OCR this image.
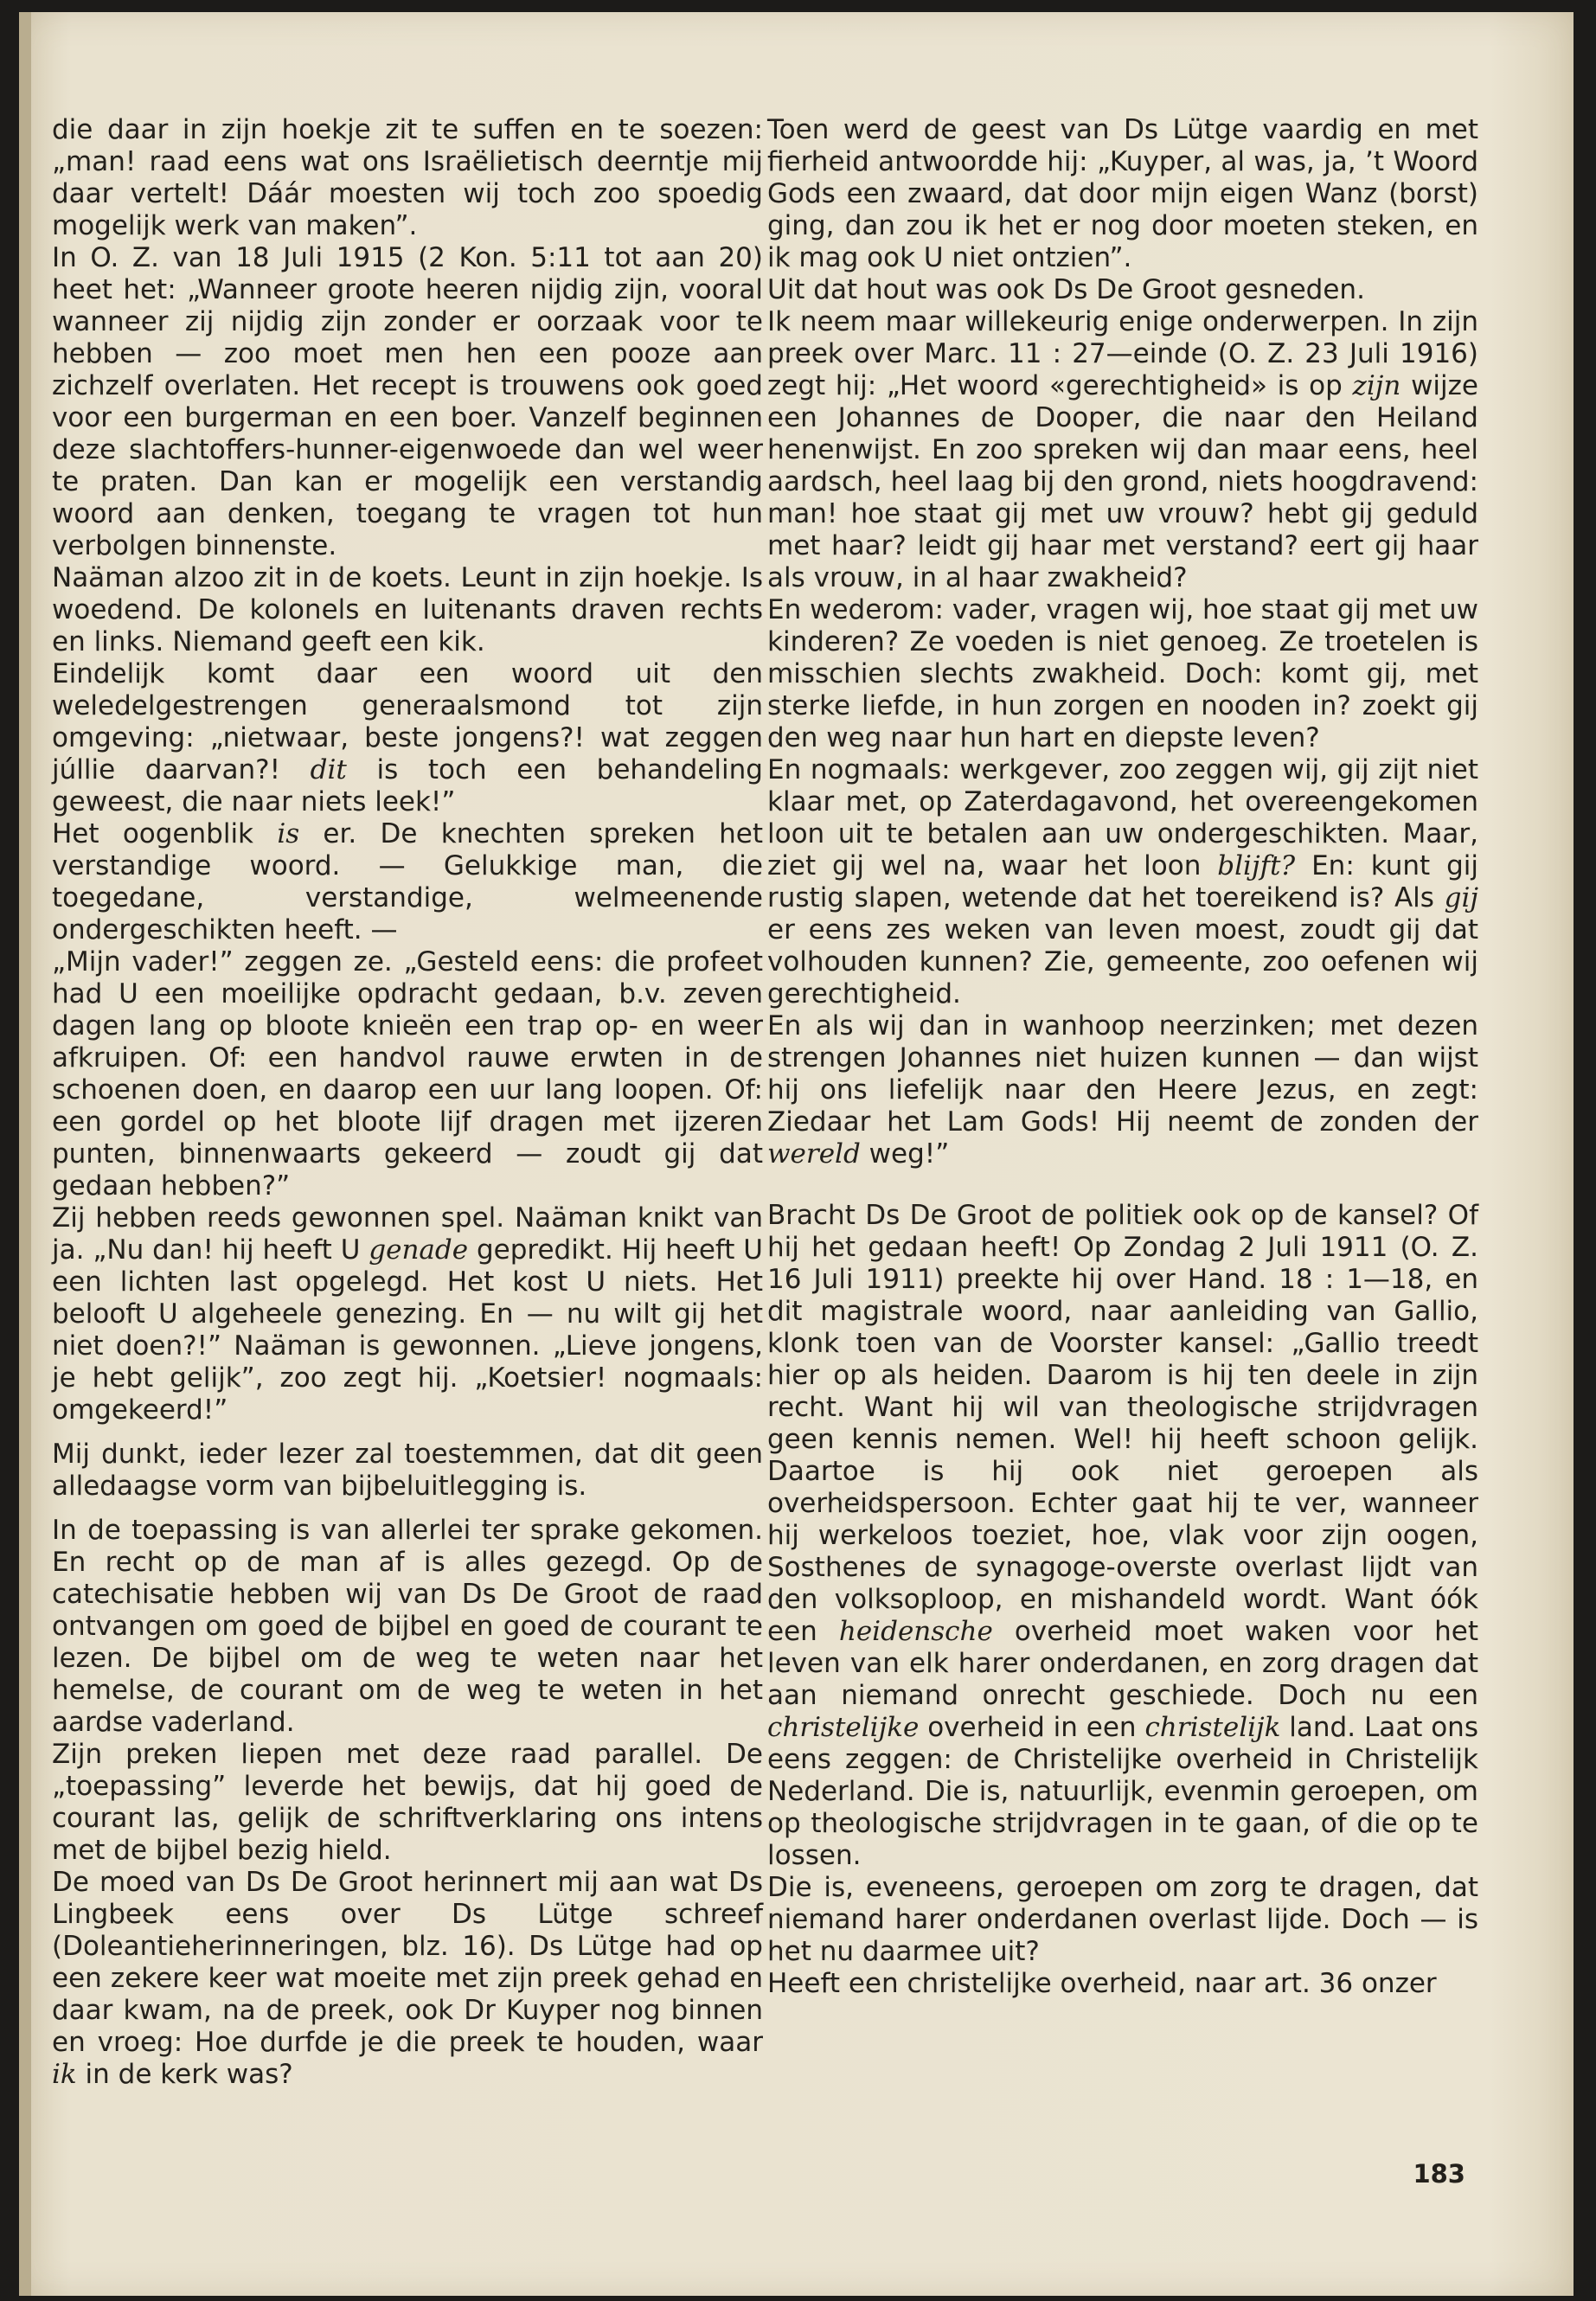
die daar in zijn hoekje zit te suffen en te soezen: „man! raad eens wat ons Israëlietisch deerntje mij daar vertelt! Dáár moesten wij toch zoo spoedig mogelijk werk van maken”.

In O. Z. van 18 Juli 1915 (2 Kon. 5:11 tot aan 20) heet het: „Wanneer groote heeren nijdig zijn, vooral wanneer zij nijdig zijn zonder er oorzaak voor te hebben — zoo moet men hen een pooze aan zichzelf overlaten. Het recept is trouwens ook goed voor een burgerman en een boer. Vanzelf beginnen deze slachtoffers-hunner-eigenwoede dan wel weer te praten. Dan kan er mogelijk een verstandig woord aan denken, toegang te vragen tot hun verbolgen binnenste.

Naäman alzoo zit in de koets. Leunt in zijn hoekje. Is woedend. De kolonels en luitenants draven rechts en links. Niemand geeft een kik.

Eindelijk komt daar een woord uit den weledelgestrengen generaalsmond tot zijn omgeving: „nietwaar, beste jongens?! wat zeggen júllie daarvan?! dit is toch een behandeling geweest, die naar niets leek!”

Het oogenblik is er. De knechten spreken het verstandige woord. — Gelukkige man, die toegedane, verstandige, welmeenende ondergeschikten heeft. —

„Mijn vader!” zeggen ze. „Gesteld eens: die profeet had U een moeilijke opdracht gedaan, b.v. zeven dagen lang op bloote knieën een trap op- en weer afkruipen. Of: een handvol rauwe erwten in de schoenen doen, en daarop een uur lang loopen. Of: een gordel op het bloote lijf dragen met ijzeren punten, binnenwaarts gekeerd — zoudt gij dat gedaan hebben?”

Zij hebben reeds gewonnen spel. Naäman knikt van ja. „Nu dan! hij heeft U genade gepredikt. Hij heeft U een lichten last opgelegd. Het kost U niets. Het belooft U algeheele genezing. En — nu wilt gij het niet doen?!” Naäman is gewonnen. „Lieve jongens, je hebt gelijk”, zoo zegt hij. „Koetsier! nogmaals: omgekeerd!”

Mij dunkt, ieder lezer zal toestemmen, dat dit geen alledaagse vorm van bijbeluitlegging is.

In de toepassing is van allerlei ter sprake gekomen. En recht op de man af is alles gezegd. Op de catechisatie hebben wij van Ds De Groot de raad ontvangen om goed de bijbel en goed de courant te lezen. De bijbel om de weg te weten naar het hemelse, de courant om de weg te weten in het aardse vaderland.

Zijn preken liepen met deze raad parallel. De „toepassing” leverde het bewijs, dat hij goed de courant las, gelijk de schriftverklaring ons intens met de bijbel bezig hield.

De moed van Ds De Groot herinnert mij aan wat Ds Lingbeek eens over Ds Lütge schreef (Doleantieherinneringen, blz. 16). Ds Lütge had op een zekere keer wat moeite met zijn preek gehad en daar kwam, na de preek, ook Dr Kuyper nog binnen en vroeg: Hoe durfde je die preek te houden, waar ik in de kerk was?

Toen werd de geest van Ds Lütge vaardig en met fierheid antwoordde hij: „Kuyper, al was, ja, ’t Woord Gods een zwaard, dat door mijn eigen Wanz (borst) ging, dan zou ik het er nog door moeten steken, en ik mag ook U niet ontzien”.

Uit dat hout was ook Ds De Groot gesneden.

Ik neem maar willekeurig enige onderwerpen. In zijn preek over Marc. 11 : 27—einde (O. Z. 23 Juli 1916) zegt hij: „Het woord «gerechtigheid» is op zijn wijze een Johannes de Dooper, die naar den Heiland henenwijst. En zoo spreken wij dan maar eens, heel aardsch, heel laag bij den grond, niets hoogdravend: man! hoe staat gij met uw vrouw? hebt gij geduld met haar? leidt gij haar met verstand? eert gij haar als vrouw, in al haar zwakheid?

En wederom: vader, vragen wij, hoe staat gij met uw kinderen? Ze voeden is niet genoeg. Ze troetelen is misschien slechts zwakheid. Doch: komt gij, met sterke liefde, in hun zorgen en nooden in? zoekt gij den weg naar hun hart en diepste leven?

En nogmaals: werkgever, zoo zeggen wij, gij zijt niet klaar met, op Zaterdagavond, het overeengekomen loon uit te betalen aan uw ondergeschikten. Maar, ziet gij wel na, waar het loon blijft? En: kunt gij rustig slapen, wetende dat het toereikend is? Als gij er eens zes weken van leven moest, zoudt gij dat volhouden kunnen? Zie, gemeente, zoo oefenen wij gerechtigheid.

En als wij dan in wanhoop neerzinken; met dezen strengen Johannes niet huizen kunnen — dan wijst hij ons liefelijk naar den Heere Jezus, en zegt: Ziedaar het Lam Gods! Hij neemt de zonden der wereld weg!”

Bracht Ds De Groot de politiek ook op de kansel? Of hij het gedaan heeft! Op Zondag 2 Juli 1911 (O. Z. 16 Juli 1911) preekte hij over Hand. 18 : 1—18, en dit magistrale woord, naar aanleiding van Gallio, klonk toen van de Voorster kansel: „Gallio treedt hier op als heiden. Daarom is hij ten deele in zijn recht. Want hij wil van theologische strijdvragen geen kennis nemen. Wel! hij heeft schoon gelijk. Daartoe is hij ook niet geroepen als overheidspersoon. Echter gaat hij te ver, wanneer hij werkeloos toeziet, hoe, vlak voor zijn oogen, Sosthenes de synagoge-overste overlast lijdt van den volksoploop, en mishandeld wordt. Want óók een heidensche overheid moet waken voor het leven van elk harer onderdanen, en zorg dragen dat aan niemand onrecht geschiede. Doch nu een christelijke overheid in een christelijk land. Laat ons eens zeggen: de Christelijke overheid in Christelijk Nederland. Die is, natuurlijk, evenmin geroepen, om op theologische strijdvragen in te gaan, of die op te lossen.

Die is, eveneens, geroepen om zorg te dragen, dat niemand harer onderdanen overlast lijde. Doch — is het nu daarmee uit?

Heeft een christelijke overheid, naar art. 36 onzer

183
